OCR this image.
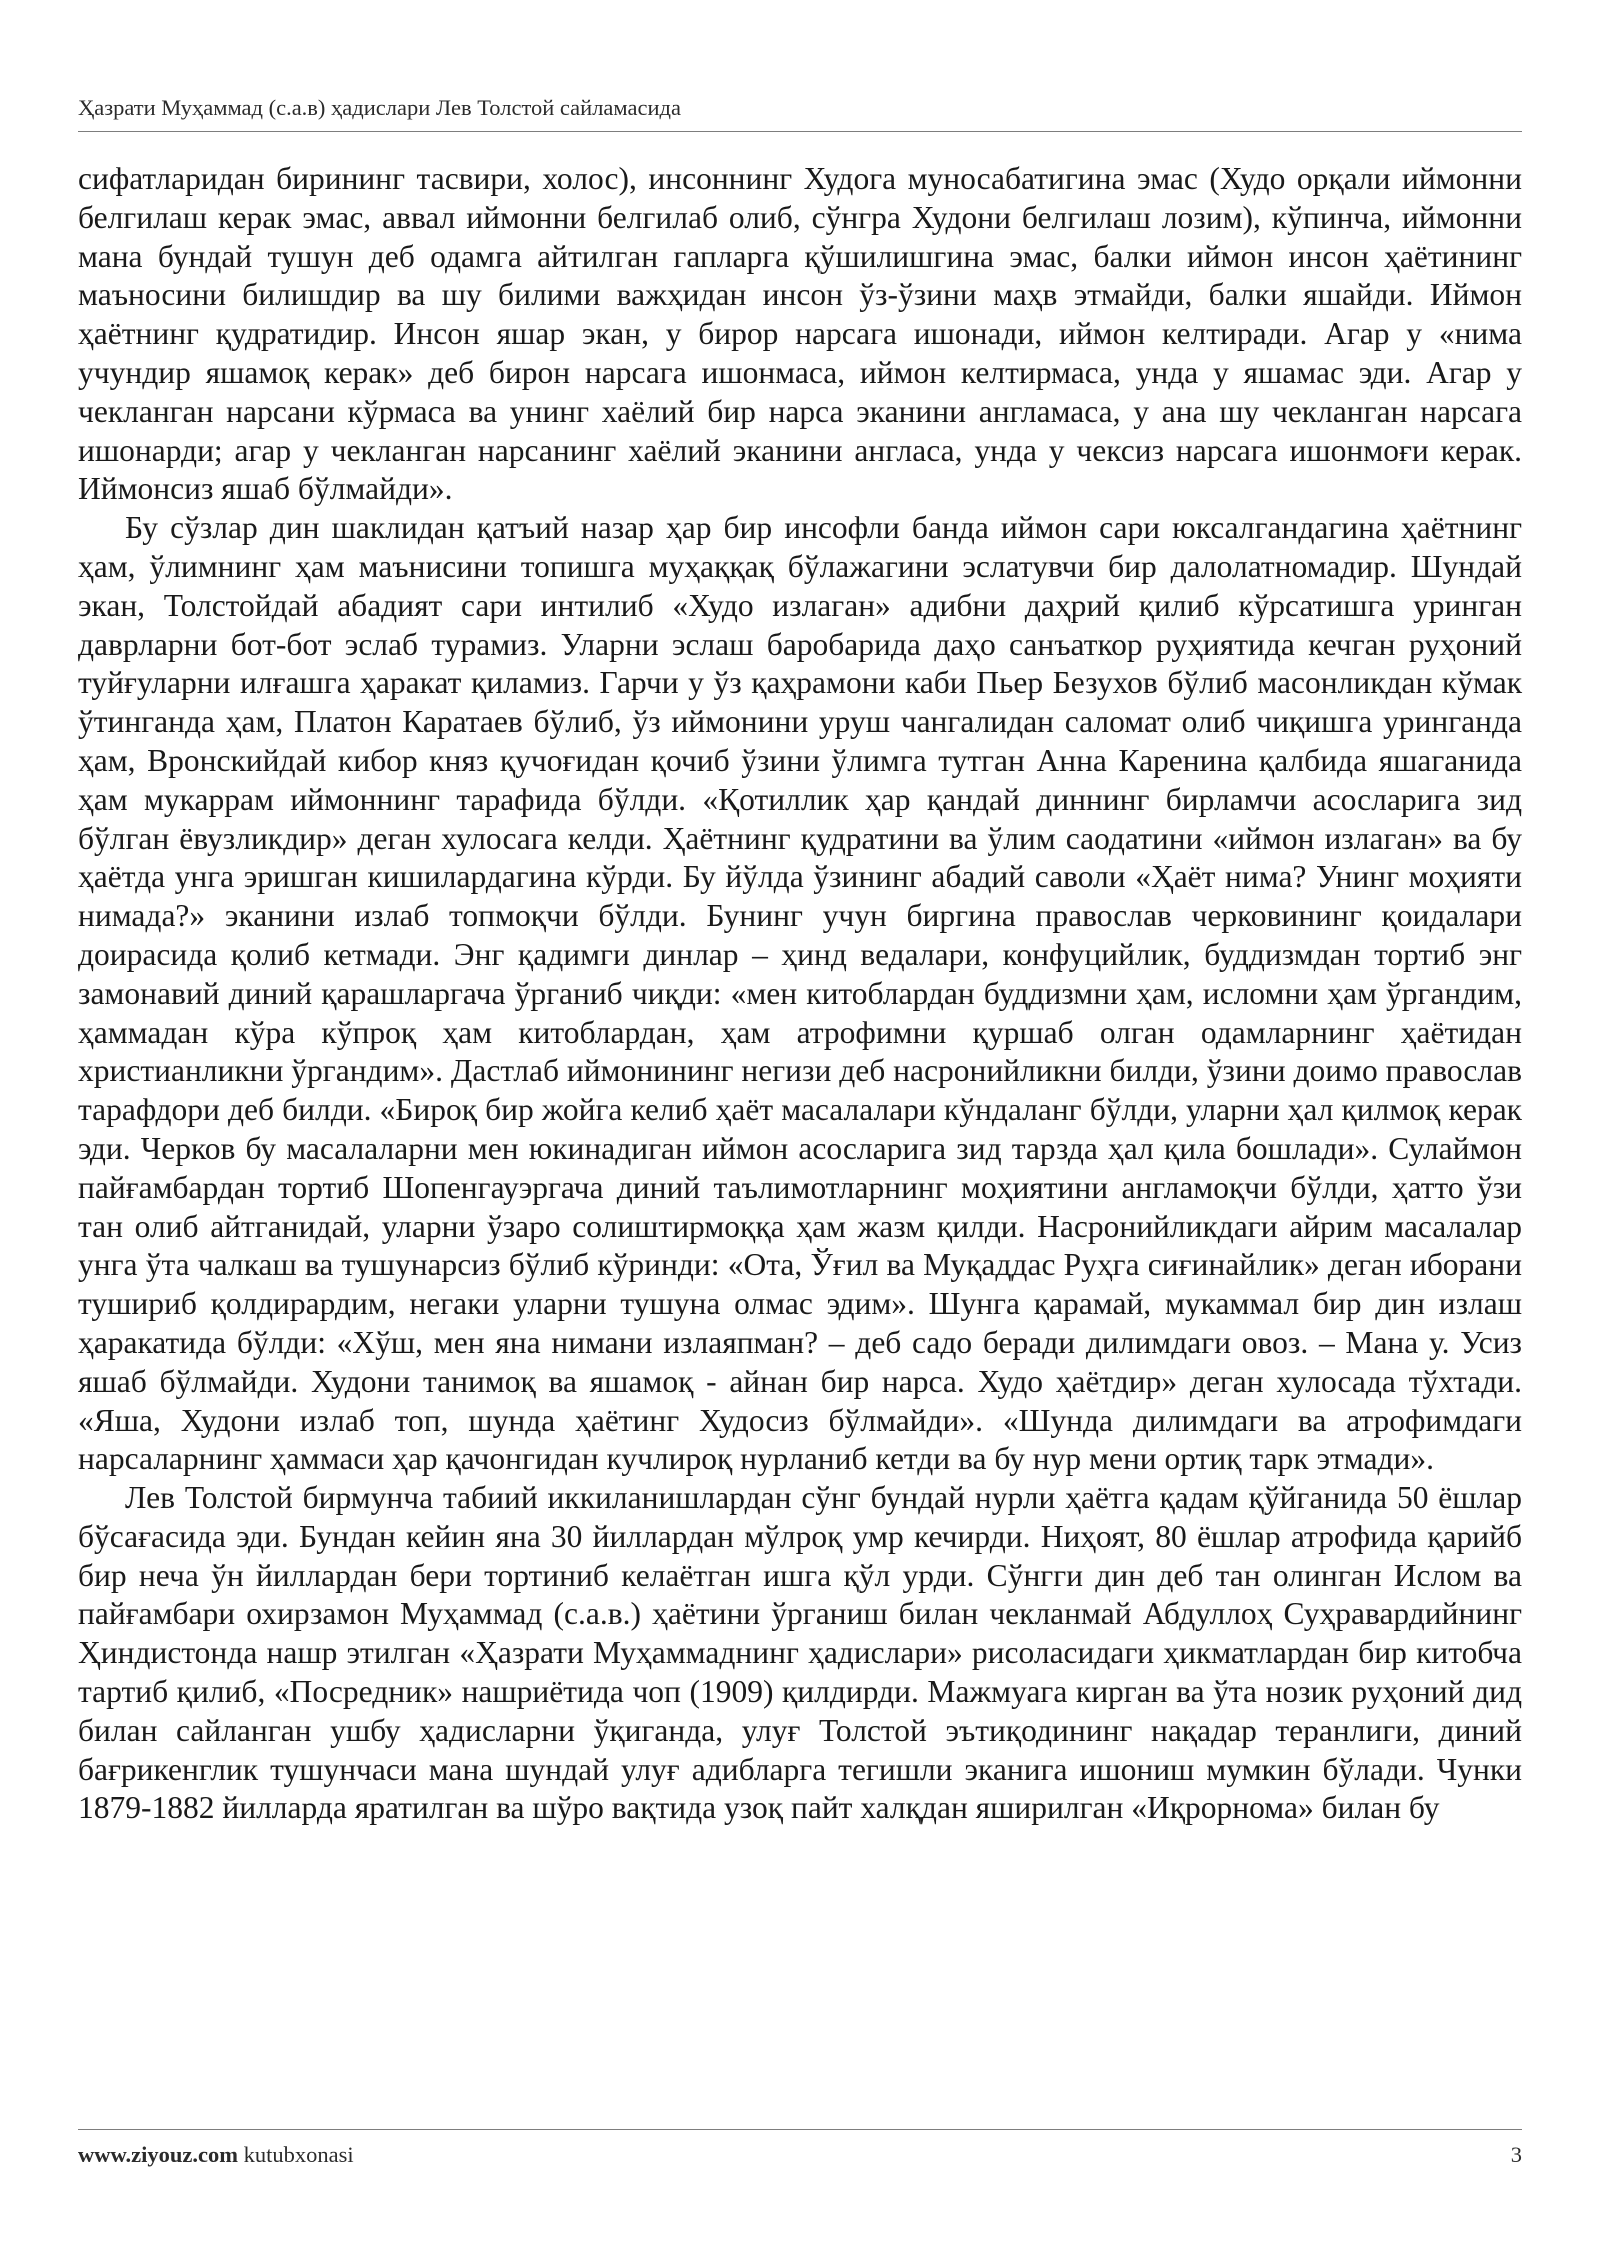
Ҳазрати Муҳаммад (с.а.в) ҳадислари Лев Толстой сайламасида

сифатларидан бирининг тасвири, холос), инсоннинг Худога муносабатигина эмас (Худо орқали иймонни белгилаш керак эмас, аввал иймонни белгилаб олиб, сўнгра Худони белгилаш лозим), кўпинча, иймонни мана бундай тушун деб одамга айтилган гапларга қўшилишгина эмас, балки иймон инсон ҳаётининг маъносини билишдир ва шу билими важҳидан инсон ўз-ўзини маҳв этмайди, балки яшайди. Иймон ҳаётнинг қудратидир. Инсон яшар экан, у бирор нарсага ишонади, иймон келтиради. Агар у «нима учундир яшамоқ керак» деб бирон нарсага ишонмаса, иймон келтирмаса, унда у яшамас эди. Агар у чекланган нарсани кўрмаса ва унинг хаёлий бир нарса эканини англамаса, у ана шу чекланган нарсага ишонарди; агар у чекланган нарсанинг хаёлий эканини англаса, унда у чексиз нарсага ишонмоғи керак. Иймонсиз яшаб бўлмайди».

Бу сўзлар дин шаклидан қатъий назар ҳар бир инсофли банда иймон сари юксалгандагина ҳаётнинг ҳам, ўлимнинг ҳам маънисини топишга муҳаққақ бўлажагини эслатувчи бир далолатномадир. Шундай экан, Толстойдай абадият сари интилиб «Худо излаган» адибни даҳрий қилиб кўрсатишга уринган даврларни бот-бот эслаб турамиз. Уларни эслаш баробарида даҳо санъаткор руҳиятида кечган руҳоний туйғуларни илғашга ҳаракат қиламиз. Гарчи у ўз қаҳрамони каби Пьер Безухов бўлиб масонликдан кўмак ўтинганда ҳам, Платон Каратаев бўлиб, ўз иймонини уруш чангалидан саломат олиб чиқишга уринганда ҳам, Вронскийдай кибор княз қучоғидан қочиб ўзини ўлимга тутган Анна Каренина қалбида яшаганида ҳам мукаррам иймоннинг тарафида бўлди. «Қотиллик ҳар қандай диннинг бирламчи асосларига зид бўлган ёвузликдир» деган хулосага келди. Ҳаётнинг қудратини ва ўлим саодатини «иймон излаган» ва бу ҳаётда унга эришган кишилардагина кўрди. Бу йўлда ўзининг абадий саволи «Ҳаёт нима? Унинг моҳияти нимада?» эканини излаб топмоқчи бўлди. Бунинг учун биргина православ черковининг қоидалари доирасида қолиб кетмади. Энг қадимги динлар – ҳинд ведалари, конфуцийлик, буддизмдан тортиб энг замонавий диний қарашларгача ўрганиб чиқди: «мен китоблардан буддизмни ҳам, исломни ҳам ўргандим, ҳаммадан кўра кўпроқ ҳам китоблардан, ҳам атрофимни қуршаб олган одамларнинг ҳаётидан христианликни ўргандим». Дастлаб иймонининг негизи деб насронийликни билди, ўзини доимо православ тарафдори деб билди. «Бироқ бир жойга келиб ҳаёт масалалари кўндаланг бўлди, уларни ҳал қилмоқ керак эди. Черков бу масалаларни мен юкинадиган иймон асосларига зид тарзда ҳал қила бошлади». Сулаймон пайғамбардан тортиб Шопенгауэргача диний таълимотларнинг моҳиятини англамоқчи бўлди, ҳатто ўзи тан олиб айтганидай, уларни ўзаро солиштирмоққа ҳам жазм қилди. Насронийликдаги айрим масалалар унга ўта чалкаш ва тушунарсиз бўлиб кўринди: «Ота, Ўғил ва Муқаддас Руҳга сиғинайлик» деган иборани тушириб қолдирардим, негаки уларни тушуна олмас эдим». Шунга қарамай, мукаммал бир дин излаш ҳаракатида бўлди: «Хўш, мен яна нимани излаяпман? – деб садо беради дилимдаги овоз. – Мана у. Усиз яшаб бўлмайди. Худони танимоқ ва яшамоқ - айнан бир нарса. Худо ҳаётдир» деган хулосада тўхтади. «Яша, Худони излаб топ, шунда ҳаётинг Худосиз бўлмайди». «Шунда дилимдаги ва атрофимдаги нарсаларнинг ҳаммаси ҳар қачонгидан кучлироқ нурланиб кетди ва бу нур мени ортиқ тарк этмади».

Лев Толстой бирмунча табиий иккиланишлардан сўнг бундай нурли ҳаётга қадам қўйганида 50 ёшлар бўсағасида эди. Бундан кейин яна 30 йиллардан мўлроқ умр кечирди. Ниҳоят, 80 ёшлар атрофида қарийб бир неча ўн йиллардан бери тортиниб келаётган ишга қўл урди. Сўнгги дин деб тан олинган Ислом ва пайғамбари охирзамон Муҳаммад (с.а.в.) ҳаётини ўрганиш билан чекланмай Абдуллоҳ Суҳравардийнинг Ҳиндистонда нашр этилган «Ҳазрати Муҳаммаднинг ҳадислари» рисоласидаги ҳикматлардан бир китобча тартиб қилиб, «Посредник» нашриётида чоп (1909) қилдирди. Мажмуага кирган ва ўта нозик руҳоний дид билан сайланган ушбу ҳадисларни ўқиганда, улуғ Толстой эътиқодининг нақадар теранлиги, диний бағрикенглик тушунчаси мана шундай улуғ адибларга тегишли эканига ишониш мумкин бўлади. Чунки 1879-1882 йилларда яратилган ва шўро вақтида узоқ пайт халқдан яширилган «Иқрорнома» билан бу

www.ziyouz.com kutubxonasi	3
